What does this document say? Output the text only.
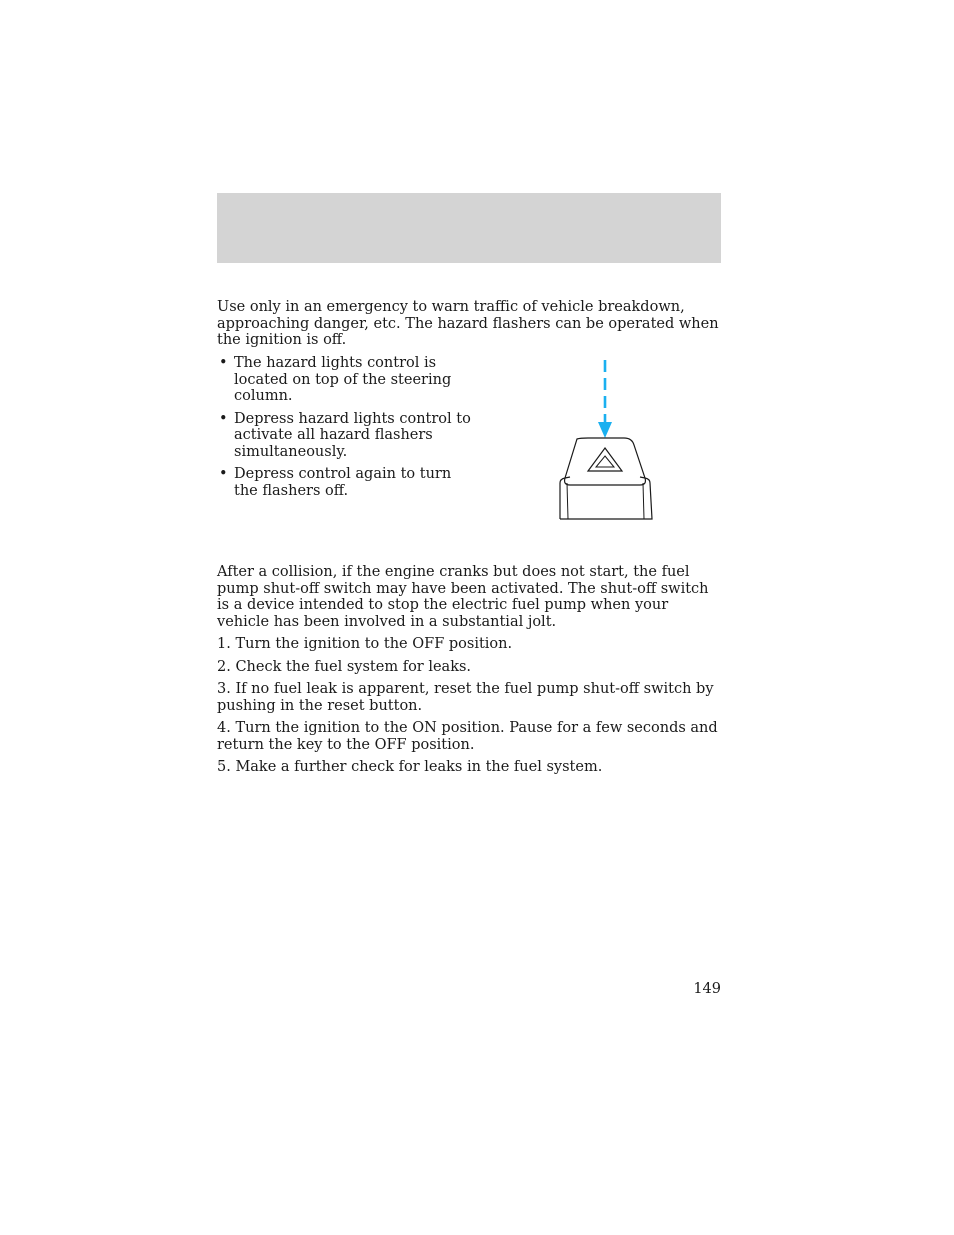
Use only in an emergency to warn traffic of vehicle breakdown, approaching danger, etc. The hazard flashers can be operated when the ignition is off.

• The hazard lights control is located on top of the steering column.
• Depress hazard lights control to activate all hazard flashers simultaneously.
• Depress control again to turn the flashers off.

After a collision, if the engine cranks but does not start, the fuel pump shut-off switch may have been activated. The shut-off switch is a device intended to stop the electric fuel pump when your vehicle has been involved in a substantial jolt.

1. Turn the ignition to the OFF position.
2. Check the fuel system for leaks.
3. If no fuel leak is apparent, reset the fuel pump shut-off switch by pushing in the reset button.
4. Turn the ignition to the ON position. Pause for a few seconds and return the key to the OFF position.
5. Make a further check for leaks in the fuel system.
149
